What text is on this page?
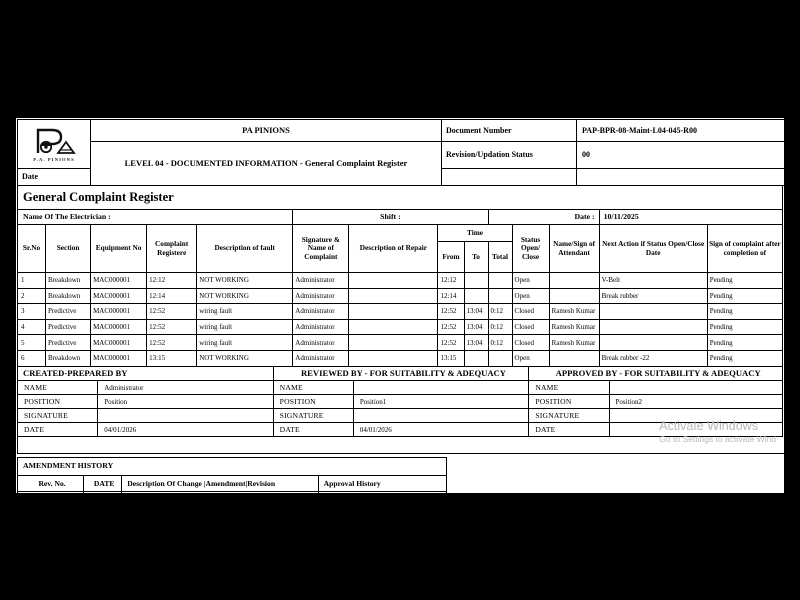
P.A. PINIONS	PA PINIONS	Document Number	PAP-BPR-08-Maint-L04-045-R00
	LEVEL 04 - DOCUMENTED INFORMATION - General Complaint Register	Revision/Updation Status	00
Date			
General Complaint Register													
Name Of The Electrician :					Shift :				Date :			10/11/2025	
Sr.No	Section	Equipment No	Complaint Registere	Description of fault	Signature & Name of Complaint	Description of Repair	Time			Status Open/ Close	Name/Sign of Attendant	Next Action if Status Open/Close Date	Sign of complaint after completion of
							From	To	Total				
1	Breakdown	MAC000001	12:12	NOT WORKING	Administrator		12:12			Open		V-Belt	Pending
2	Breakdown	MAC000001	12:14	NOT WORKING	Administrator		12:14			Open		Break rubber	Pending
3	Predictive	MAC000001	12:52	wiring fault	Administrator		12:52	13:04	0:12	Closed	Ramesh Kumar		Pending
4	Predictive	MAC000001	12:52	wiring fault	Administrator		12:52	13:04	0:12	Closed	Ramesh Kumar		Pending
5	Predictive	MAC000001	12:52	wiring fault	Administrator		12:52	13:04	0:12	Closed	Ramesh Kumar		Pending
6	Breakdown	MAC000001	13:15	NOT WORKING	Administrator		13:15			Open		Break rubber -22	Pending
CREATED-PREPARED BY		REVIEWED BY - FOR SUITABILITY & ADEQUACY		APPROVED BY - FOR SUITABILITY & ADEQUACY	
NAME	Administrator	NAME		NAME	
POSITION	Position	POSITION	Position1	POSITION	Position2
SIGNATURE		SIGNATURE		SIGNATURE	
DATE	04/01/2026	DATE	04/01/2026	DATE	
AMENDMENT HISTORY			
Rev. No.	DATE	Description Of Change |Amendment|Revision	Approval History
00		New Issue	
Activate Windows
Go to Settings to activate Wind
